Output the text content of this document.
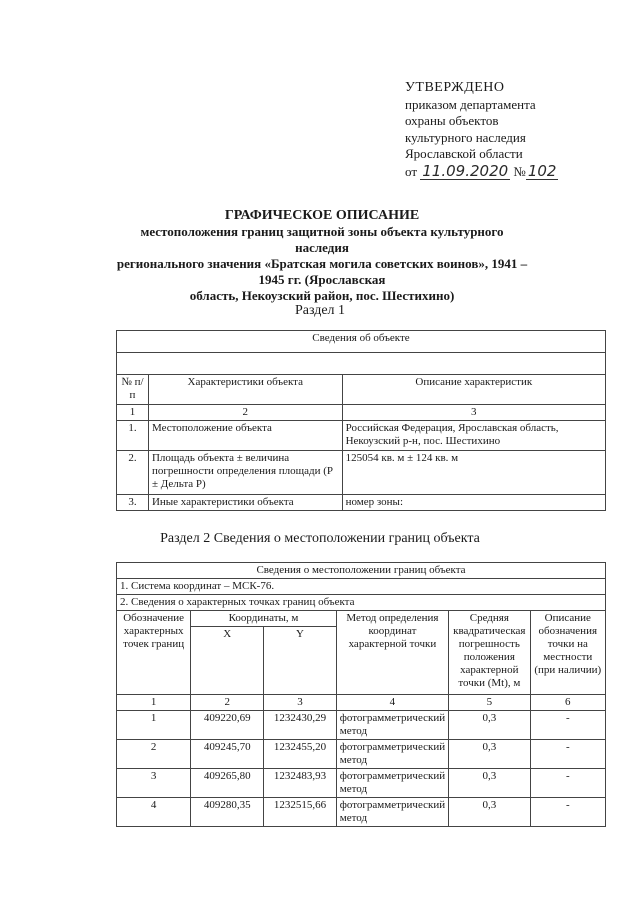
УТВЕРЖДЕНО
приказом департамента
охраны объектов
культурного наследия
Ярославской области
от 11.09.2020 № 102
ГРАФИЧЕСКОЕ ОПИСАНИЕ
местоположения границ защитной зоны объекта культурного наследия
регионального значения «Братская могила советских воинов», 1941 –
1945 гг. (Ярославская
область, Некоузский район, пос. Шестихино)
Раздел 1
Сведения об объекте		

№ п/п	Характеристики объекта	Описание характеристик
1	2	3
1.	Местоположение объекта	Российская Федерация, Ярославская область, Некоузский р-н, пос. Шестихино
2.	Площадь объекта ± величина погрешности определения площади (Р ± Дельта Р)	125054 кв. м ± 124 кв. м
3.	Иные характеристики объекта	номер зоны:
Раздел 2 Сведения о местоположении границ объекта
Сведения о местоположении границ объекта					
1. Система координат – МСК-76.					
2. Сведения о характерных точках границ объекта					
Обозначение характерных точек границ	Координаты, м		Метод определения координат характерной точки	Средняя квадратическая погрешность положения характерной точки (Mt), м	Описание обозначения точки на местности (при наличии)
	X	Y			
1	2	3	4	5	6
1	409220,69	1232430,29	фотограмметрический метод	0,3	-
2	409245,70	1232455,20	фотограмметрический метод	0,3	-
3	409265,80	1232483,93	фотограмметрический метод	0,3	-
4	409280,35	1232515,66	фотограмметрический метод	0,3	-
